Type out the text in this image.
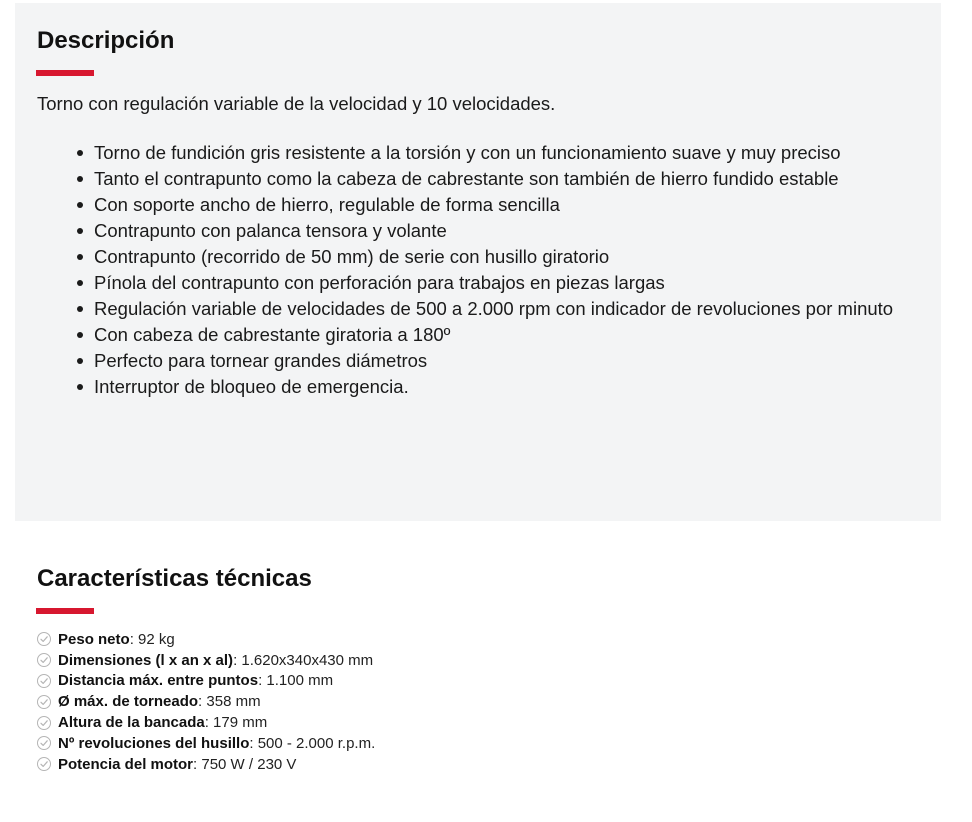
Descripción

Torno con regulación variable de la velocidad y 10 velocidades.

Torno de fundición gris resistente a la torsión y con un funcionamiento suave y muy preciso
Tanto el contrapunto como la cabeza de cabrestante son también de hierro fundido estable
Con soporte ancho de hierro, regulable de forma sencilla
Contrapunto con palanca tensora y volante
Contrapunto (recorrido de 50 mm) de serie con husillo giratorio
Pínola del contrapunto con perforación para trabajos en piezas largas
Regulación variable de velocidades de 500 a 2.000 rpm con indicador de revoluciones por minuto
Con cabeza de cabrestante giratoria a 180º
Perfecto para tornear grandes diámetros
Interruptor de bloqueo de emergencia.
Características técnicas
Peso neto : 92 kg
Dimensiones (l x an x al) : 1.620x340x430 mm
Distancia máx. entre puntos : 1.100 mm
Ø máx. de torneado : 358 mm
Altura de la bancada : 179 mm
Nº revoluciones del husillo : 500 - 2.000 r.p.m.
Potencia del motor : 750 W / 230 V
